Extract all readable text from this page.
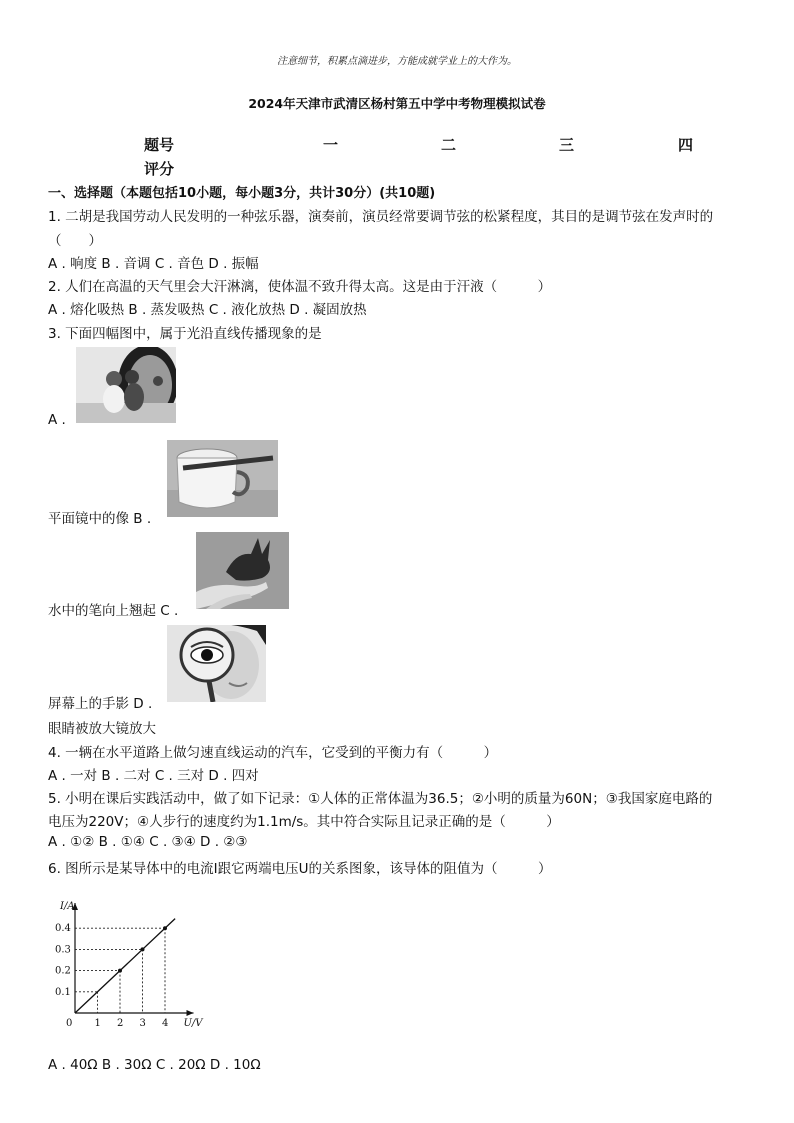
注意细节，积累点滴进步，方能成就学业上的大作为。
2024年天津市武清区杨村第五中学中考物理模拟试卷
题号	一	二	三	四
评分
一、选择题（本题包括10小题，每小题3分，共计30分）(共10题)
1. 二胡是我国劳动人民发明的一种弦乐器，演奏前，演员经常要调节弦的松紧程度，其目的是调节弦在发声时的
（　　）
A . 响度 B . 音调 C . 音色 D . 振幅
2. 人们在高温的天气里会大汗淋漓，使体温不致升得太高。这是由于汗液（　　　）
A . 熔化吸热 B . 蒸发吸热 C . 液化放热 D . 凝固放热
3. 下面四幅图中，属于光沿直线传播现象的是
A .
平面镜中的像 B .
水中的笔向上翘起 C .
屏幕上的手影 D .
眼睛被放大镜放大
4. 一辆在水平道路上做匀速直线运动的汽车，它受到的平衡力有（　　　）
A . 一对 B . 二对 C . 三对 D . 四对
5. 小明在课后实践活动中，做了如下记录：①人体的正常体温为36.5；②小明的质量为60N；③我国家庭电路的
电压为220V；④人步行的速度约为1.1m/s。其中符合实际且记录正确的是（　　　）
A . ①② B . ①④ C . ③④ D . ②③
6. 图所示是某导体中的电流I跟它两端电压U的关系图象，该导体的阻值为（　　　）
I/A
U/V
0 1 2 3 4
0.1
0.2
0.3
0.4
A . 40Ω B . 30Ω C . 20Ω D . 10Ω
